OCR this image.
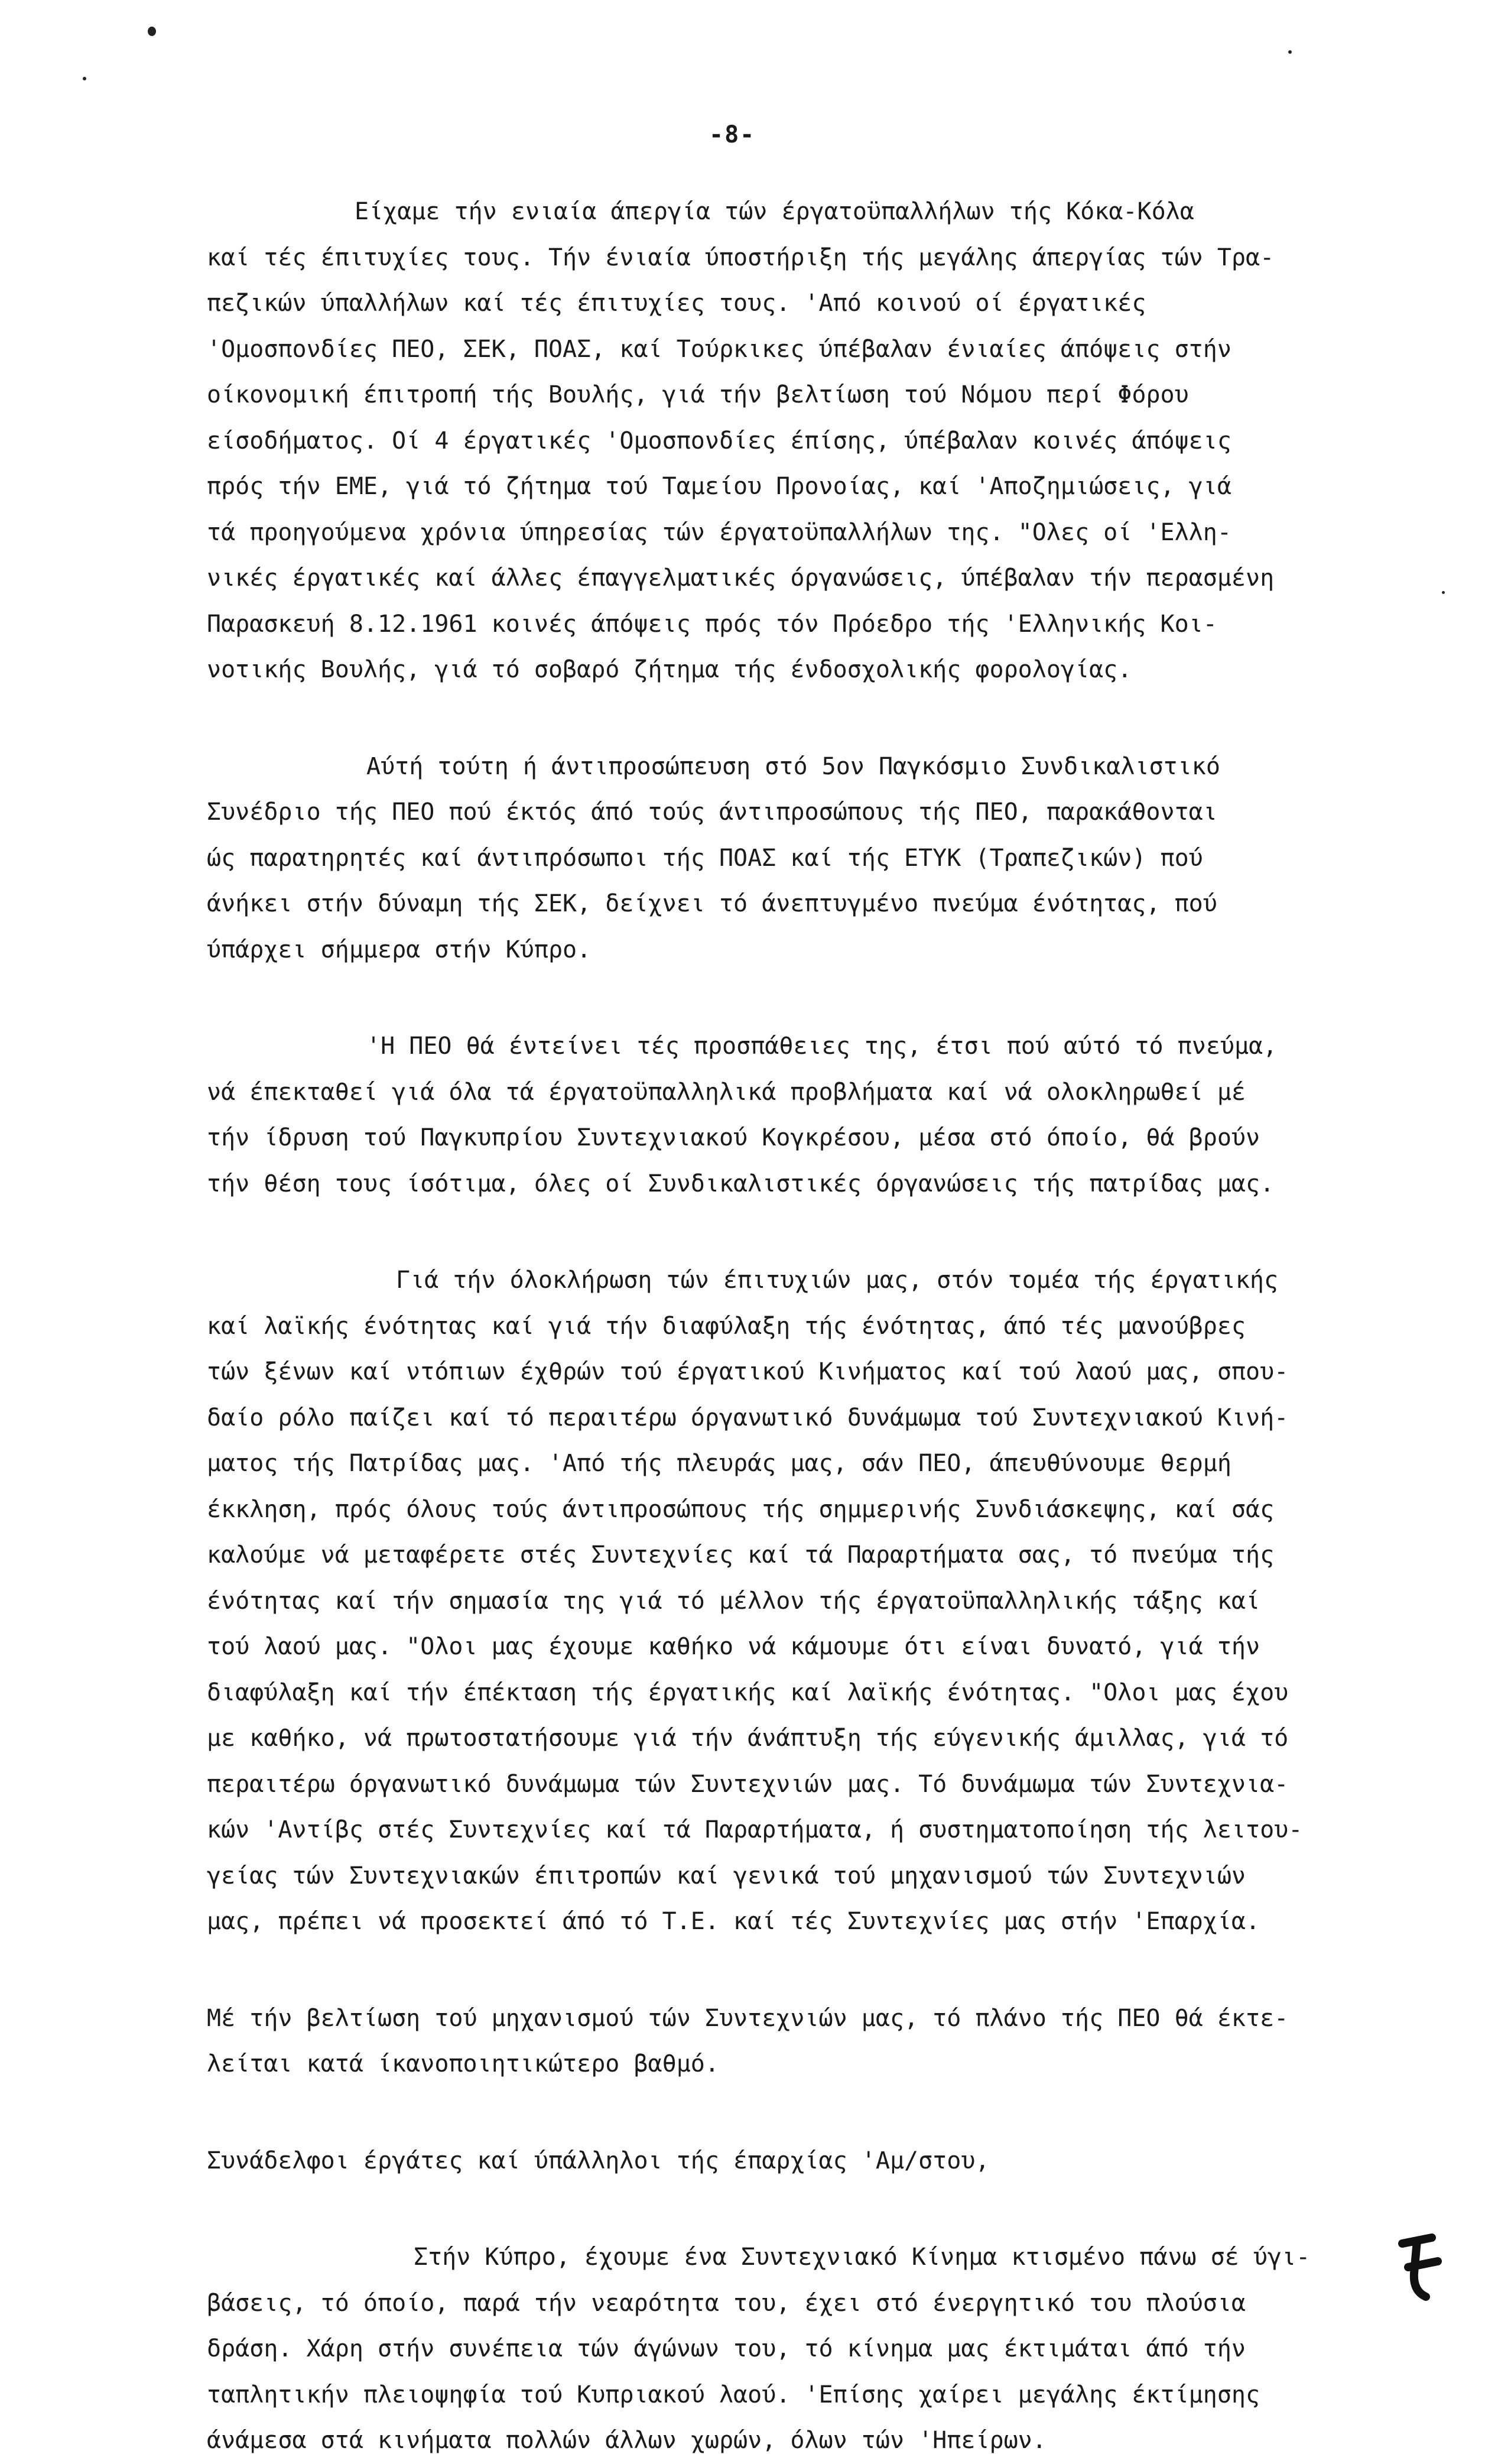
-8-
Είχαμε τήν ενιαία άπεργία τών έργατοϋπαλλήλων τής Κόκα-Κόλα
καί τές έπιτυχίες τους. Τήν ένιαία ύποστήριξη τής μεγάλης άπεργίας τών Τρα-
πεζικών ύπαλλήλων καί τές έπιτυχίες τους. 'Από κοινού οί έργατικές
'Ομοσπονδίες ΠΕΟ, ΣΕΚ, ΠΟΑΣ, καί Τούρκικες ύπέβαλαν ένιαίες άπόψεις στήν
οίκονομική έπιτροπή τής Βουλής, γιά τήν βελτίωση τού Νόμου περί Φόρου
είσοδήματος. Οί 4 έργατικές 'Ομοσπονδίες έπίσης, ύπέβαλαν κοινές άπόψεις
πρός τήν ΕΜΕ, γιά τό ζήτημα τού Ταμείου Προνοίας, καί 'Αποζημιώσεις, γιά
τά προηγούμενα χρόνια ύπηρεσίας τών έργατοϋπαλλήλων της. "Ολες οί 'Ελλη-
νικές έργατικές καί άλλες έπαγγελματικές όργανώσεις, ύπέβαλαν τήν περασμένη
Παρασκευή 8.12.1961 κοινές άπόψεις πρός τόν Πρόεδρο τής 'Ελληνικής Κοι-
νοτικής Βουλής, γιά τό σοβαρό ζήτημα τής ένδοσχολικής φορολογίας.
Αύτή τούτη ή άντιπροσώπευση στό 5ον Παγκόσμιο Συνδικαλιστικό
Συνέδριο τής ΠΕΟ πού έκτός άπό τούς άντιπροσώπους τής ΠΕΟ, παρακάθονται
ώς παρατηρητές καί άντιπρόσωποι τής ΠΟΑΣ καί τής ΕΤΥΚ (Τραπεζικών) πού
άνήκει στήν δύναμη τής ΣΕΚ, δείχνει τό άνεπτυγμένο πνεύμα ένότητας, πού
ύπάρχει σήμμερα στήν Κύπρο.
'Η ΠΕΟ θά έντείνει τές προσπάθειες της, έτσι πού αύτό τό πνεύμα,
νά έπεκταθεί γιά όλα τά έργατοϋπαλληλικά προβλήματα καί νά ολοκληρωθεί μέ
τήν ίδρυση τού Παγκυπρίου Συντεχνιακού Κογκρέσου, μέσα στό όποίο, θά βρούν
τήν θέση τους ίσότιμα, όλες οί Συνδικαλιστικές όργανώσεις τής πατρίδας μας.
Γιά τήν όλοκλήρωση τών έπιτυχιών μας, στόν τομέα τής έργατικής
καί λαϊκής ένότητας καί γιά τήν διαφύλαξη τής ένότητας, άπό τές μανούβρες
τών ξένων καί ντόπιων έχθρών τού έργατικού Κινήματος καί τού λαού μας, σπου-
δαίο ρόλο παίζει καί τό περαιτέρω όργανωτικό δυνάμωμα τού Συντεχνιακού Κινή-
ματος τής Πατρίδας μας. 'Από τής πλευράς μας, σάν ΠΕΟ, άπευθύνουμε θερμή
έκκληση, πρός όλους τούς άντιπροσώπους τής σημμερινής Συνδιάσκεψης, καί σάς
καλούμε νά μεταφέρετε στές Συντεχνίες καί τά Παραρτήματα σας, τό πνεύμα τής
ένότητας καί τήν σημασία της γιά τό μέλλον τής έργατοϋπαλληλικής τάξης καί
τού λαού μας. "Ολοι μας έχουμε καθήκο νά κάμουμε ότι είναι δυνατό, γιά τήν
διαφύλαξη καί τήν έπέκταση τής έργατικής καί λαϊκής ένότητας. "Ολοι μας έχου
με καθήκο, νά πρωτοστατήσουμε γιά τήν άνάπτυξη τής εύγενικής άμιλλας, γιά τό
περαιτέρω όργανωτικό δυνάμωμα τών Συντεχνιών μας. Τό δυνάμωμα τών Συντεχνια-
κών 'Αντίβς στές Συντεχνίες καί τά Παραρτήματα, ή συστηματοποίηση τής λειτου-
γείας τών Συντεχνιακών έπιτροπών καί γενικά τού μηχανισμού τών Συντεχνιών
μας, πρέπει νά προσεκτεί άπό τό Τ.Ε. καί τές Συντεχνίες μας στήν 'Επαρχία.
Μέ τήν βελτίωση τού μηχανισμού τών Συντεχνιών μας, τό πλάνο τής ΠΕΟ θά έκτε-
λείται κατά ίκανοποιητικώτερο βαθμό.
Συνάδελφοι έργάτες καί ύπάλληλοι τής έπαρχίας 'Αμ/στου,
Στήν Κύπρο, έχουμε ένα Συντεχνιακό Κίνημα κτισμένο πάνω σέ ύγι-
βάσεις, τό όποίο, παρά τήν νεαρότητα του, έχει στό ένεργητικό του πλούσια
δράση. Χάρη στήν συνέπεια τών άγώνων του, τό κίνημα μας έκτιμάται άπό τήν
ταπλητικήν πλειοψηφία τού Κυπριακού λαού. 'Επίσης χαίρει μεγάλης έκτίμησης
άνάμεσα στά κινήματα πολλών άλλων χωρών, όλων τών 'Ηπείρων.
